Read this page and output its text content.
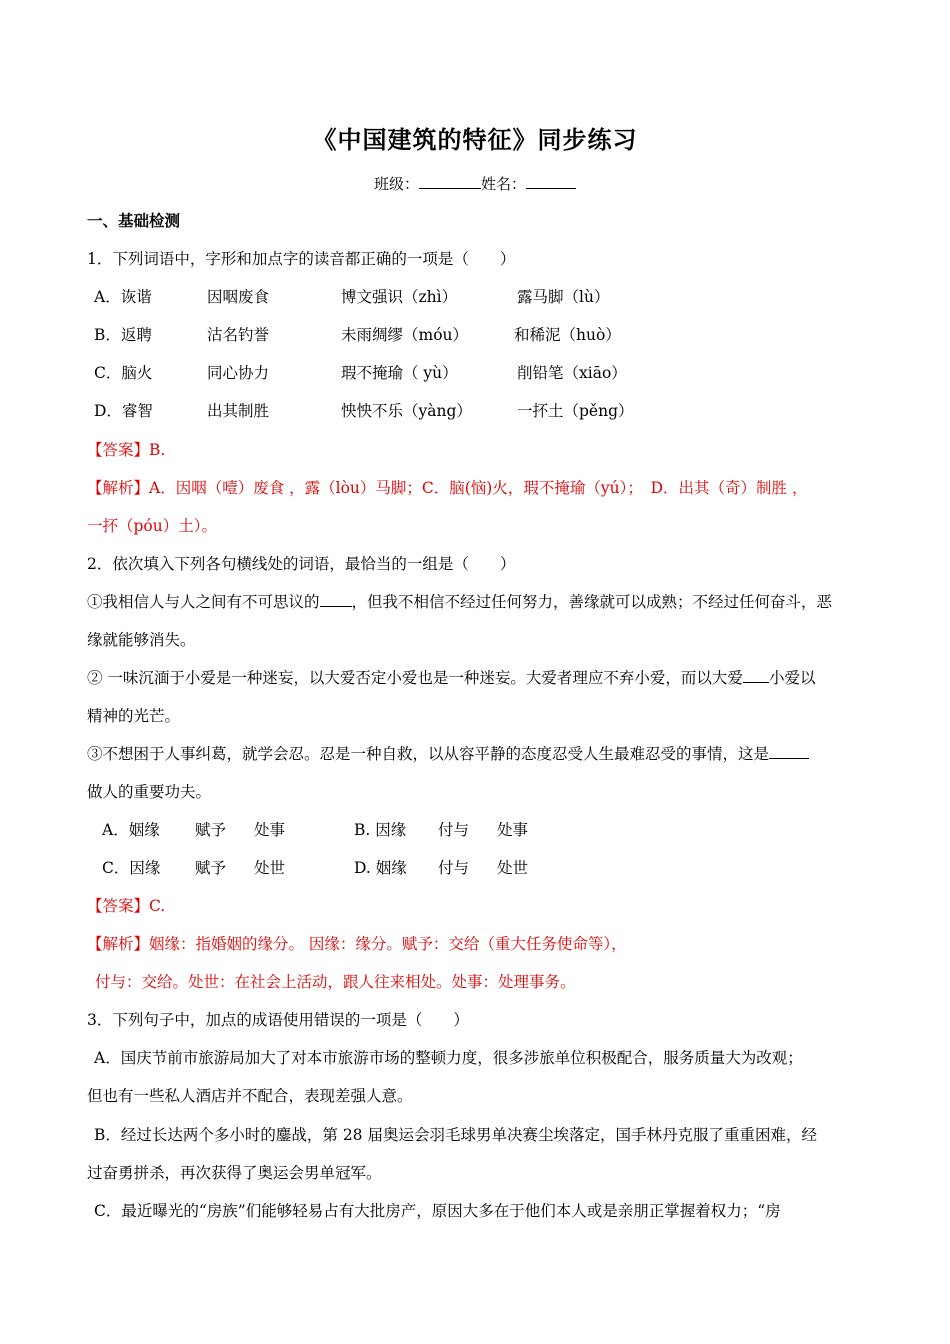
《中国建筑的特征》同步练习
班级：	姓名：
一、基础检测
1．下列词语中，字形和加点字的读音都正确的一项是（　　）
A．诙谐	因咽废食	博文强识（zhì）	露马脚（lù）
B．返聘	沽名钓誉	未雨绸缪（móu）	和稀泥（huò）
C．脑火	同心协力	瑕不掩瑜（ yù）	削铅笔（xiāo）
D．睿智	出其制胜	怏怏不乐（yàng）	一抔土（pěng）
【答案】B.
【解析】A．因咽（噎）废食 ，露（lòu）马脚；C．脑(恼)火，瑕不掩瑜（yú）；　D．出其（奇）制胜 ，
一抔（póu）土）。
2．依次填入下列各句横线处的词语，最恰当的一组是（　　）
①我相信人与人之间有不可思议的 ，但我不相信不经过任何努力，善缘就可以成熟；不经过任何奋斗，恶
缘就能够消失。
② 一味沉湎于小爱是一种迷妄，以大爱否定小爱也是一种迷妄。大爱者理应不弃小爱，而以大爱 小爱以
精神的光芒。
③不想困于人事纠葛，就学会忍。忍是一种自救，以从容平静的态度忍受人生最难忍受的事情，这是
做人的重要功夫。
A．姻缘 赋予 处事	B. 因缘 付与 处事
C．因缘 赋予 处世	D. 姻缘 付与 处世
【答案】C.
【解析】姻缘：指婚姻的缘分。 因缘：缘分。赋予：交给（重大任务使命等），
付与：交给。处世：在社会上活动，跟人往来相处。处事：处理事务。
3．下列句子中，加点的成语使用错误的一项是（　　）
A．国庆节前市旅游局加大了对本市旅游市场的整顿力度，很多涉旅单位积极配合，服务质量大为改观；
但也有一些私人酒店并不配合，表现差强人意。
B．经过长达两个多小时的鏖战，第 28 届奥运会羽毛球男单决赛尘埃落定，国手林丹克服了重重困难，经
过奋勇拼杀，再次获得了奥运会男单冠军。
C．最近曝光的“房族”们能够轻易占有大批房产，原因大多在于他们本人或是亲朋正掌握着权力；“房
